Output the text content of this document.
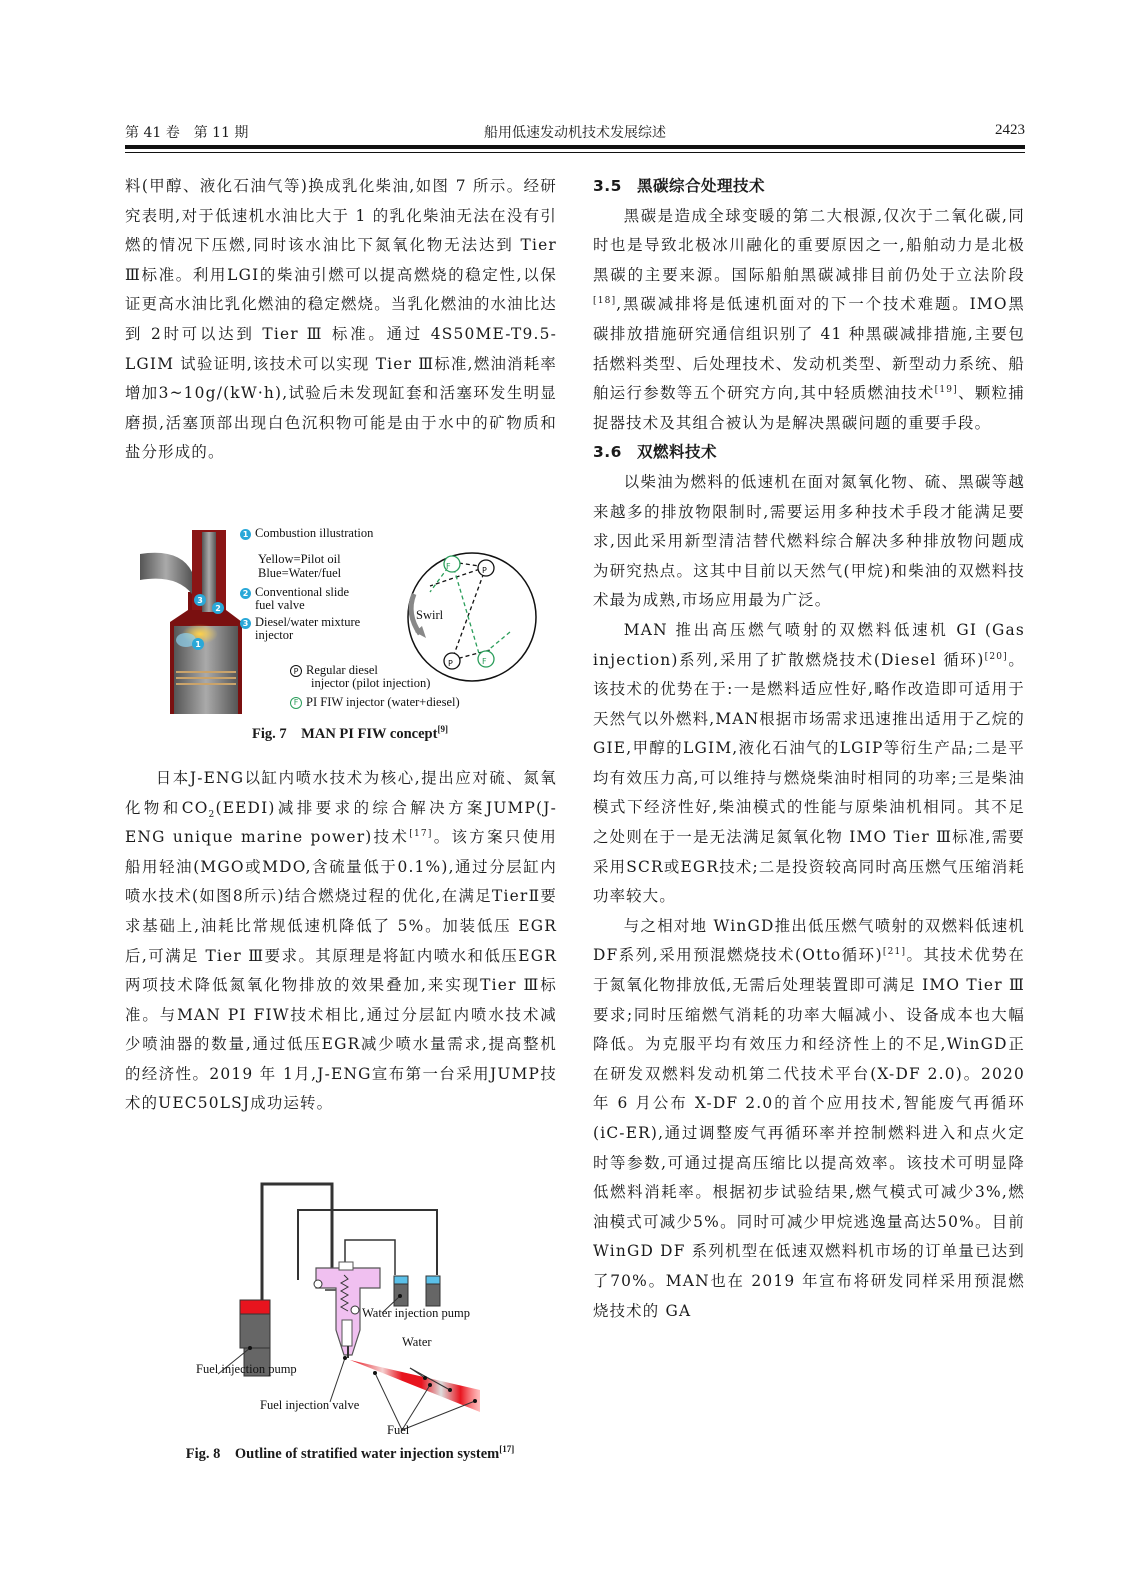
第 41 卷　第 11 期	船用低速发动机技术发展综述	2423

料(甲醇、液化石油气等)换成乳化柴油,如图 7 所示。经研究表明,对于低速机水油比大于 1 的乳化柴油无法在没有引燃的情况下压燃,同时该水油比下氮氧化物无法达到 Tier Ⅲ标准。利用LGI的柴油引燃可以提高燃烧的稳定性,以保证更高水油比乳化燃油的稳定燃烧。当乳化燃油的水油比达到 2时可以达到 Tier Ⅲ 标准。通过 4S50ME-T9.5-LGIM 试验证明,该技术可以实现 Tier Ⅲ标准,燃油消耗率增加3~10g/(kW·h),试验后未发现缸套和活塞环发生明显磨损,活塞顶部出现白色沉积物可能是由于水中的矿物质和盐分形成的。

日本J-ENG以缸内喷水技术为核心,提出应对硫、氮氧化物和$CO_2(EEDI)$减排要求的综合解决方案JUMP(J-ENG unique marine power)技术[17]。该方案只使用船用轻油(MGO或MDO,含硫量低于0.1%),通过分层缸内喷水技术(如图8所示)结合燃烧过程的优化,在满足TierⅡ要求基础上,油耗比常规低速机降低了 5%。加装低压 EGR 后,可满足 Tier Ⅲ要求。其原理是将缸内喷水和低压EGR两项技术降低氮氧化物排放的效果叠加,来实现Tier Ⅲ标准。与MAN PI FIW技术相比,通过分层缸内喷水技术减少喷油器的数量,通过低压EGR减少喷水量需求,提高整机的经济性。2019 年 1月,J-ENG宣布第一台采用JUMP技术的UEC50LSJ成功运转。

1
2
3
F	P
P	F
1 Combustion illustration
Yellow=Pilot oil
Blue=Water/fuel
2 Conventional slide
fuel valve
3 Diesel/water mixture
injector
Swirl
P Regular diesel
injector (pilot injection)
F PI FIW injector (water+diesel)
Fig. 7　MAN PI FIW concept[9]
Water injection pump
Water
Fuel injection pump
Fuel injection valve
Fuel
Fig. 8　Outline of stratified water injection system[17]
3.5 黑碳综合处理技术

黑碳是造成全球变暖的第二大根源,仅次于二氧化碳,同时也是导致北极冰川融化的重要原因之一,船舶动力是北极黑碳的主要来源。国际船舶黑碳减排目前仍处于立法阶段[18],黑碳减排将是低速机面对的下一个技术难题。IMO黑碳排放措施研究通信组识别了 41 种黑碳减排措施,主要包括燃料类型、后处理技术、发动机类型、新型动力系统、船舶运行参数等五个研究方向,其中轻质燃油技术[19]、颗粒捕捉器技术及其组合被认为是解决黑碳问题的重要手段。

3.6 双燃料技术

以柴油为燃料的低速机在面对氮氧化物、硫、黑碳等越来越多的排放物限制时,需要运用多种技术手段才能满足要求,因此采用新型清洁替代燃料综合解决多种排放物问题成为研究热点。这其中目前以天然气(甲烷)和柴油的双燃料技术最为成熟,市场应用最为广泛。

MAN 推出高压燃气喷射的双燃料低速机 GI (Gas injection)系列,采用了扩散燃烧技术(Diesel 循环)[20]。该技术的优势在于:一是燃料适应性好,略作改造即可适用于天然气以外燃料,MAN根据市场需求迅速推出适用于乙烷的GIE,甲醇的LGIM,液化石油气的LGIP等衍生产品;二是平均有效压力高,可以维持与燃烧柴油时相同的功率;三是柴油模式下经济性好,柴油模式的性能与原柴油机相同。其不足之处则在于一是无法满足氮氧化物 IMO Tier Ⅲ标准,需要采用SCR或EGR技术;二是投资较高同时高压燃气压缩消耗功率较大。

与之相对地 WinGD推出低压燃气喷射的双燃料低速机 DF系列,采用预混燃烧技术(Otto循环)[21]。其技术优势在于氮氧化物排放低,无需后处理装置即可满足 IMO Tier Ⅲ要求;同时压缩燃气消耗的功率大幅减小、设备成本也大幅降低。为克服平均有效压力和经济性上的不足,WinGD正在研发双燃料发动机第二代技术平台(X-DF 2.0)。2020年 6 月公布 X-DF 2.0的首个应用技术,智能废气再循环(iC-ER),通过调整废气再循环率并控制燃料进入和点火定时等参数,可通过提高压缩比以提高效率。该技术可明显降低燃料消耗率。根据初步试验结果,燃气模式可减少3%,燃油模式可减少5%。同时可减少甲烷逃逸量高达50%。目前 WinGD DF 系列机型在低速双燃料机市场的订单量已达到了70%。MAN也在 2019 年宣布将研发同样采用预混燃烧技术的 GA
